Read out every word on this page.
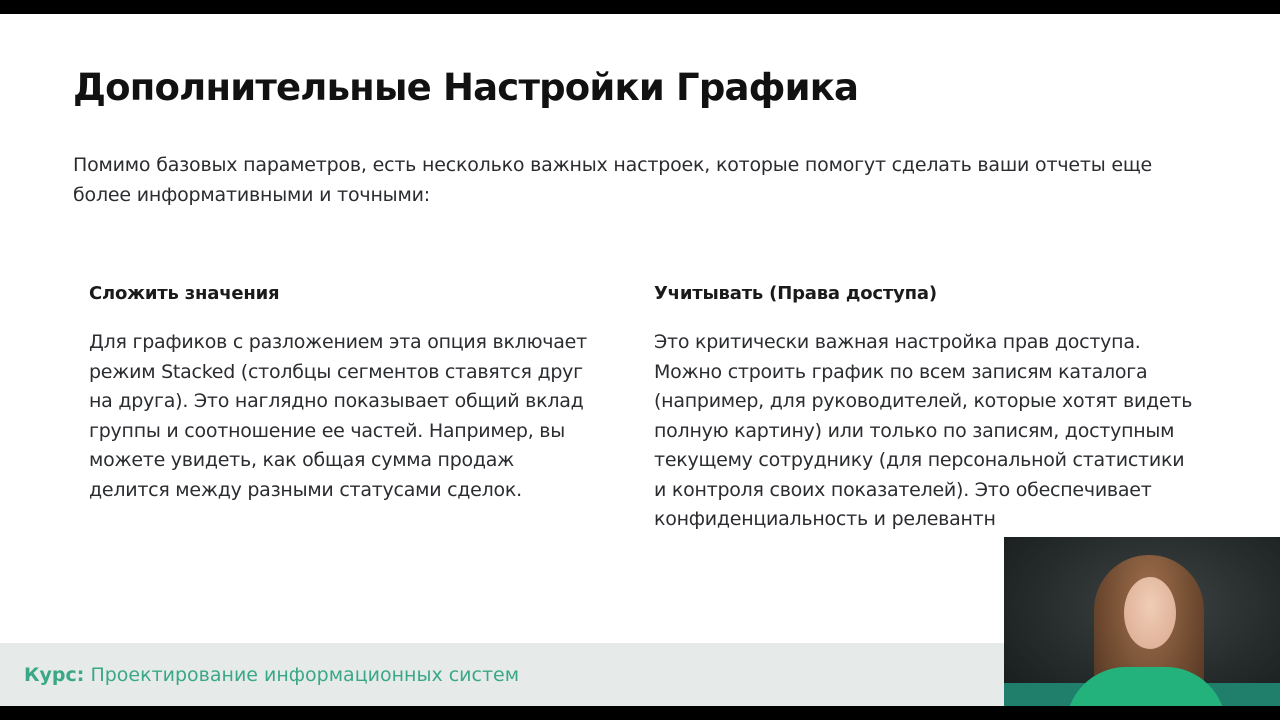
Дополнительные Настройки Графика

Помимо базовых параметров, есть несколько важных настроек, которые помогут сделать ваши отчеты еще более информативными и точными:

Сложить значения

Для графиков с разложением эта опция включает режим Stacked (столбцы сегментов ставятся друг на друга). Это наглядно показывает общий вклад группы и соотношение ее частей. Например, вы можете увидеть, как общая сумма продаж делится между разными статусами сделок.

Учитывать (Права доступа)

Это критически важная настройка прав доступа. Можно строить график по всем записям каталога (например, для руководителей, которые хотят видеть полную картину) или только по записям, доступным текущему сотруднику (для персональной статистики и контроля своих показателей). Это обеспечивает конфиденциальность и релевантн

Курс: Проектирование информационных систем
